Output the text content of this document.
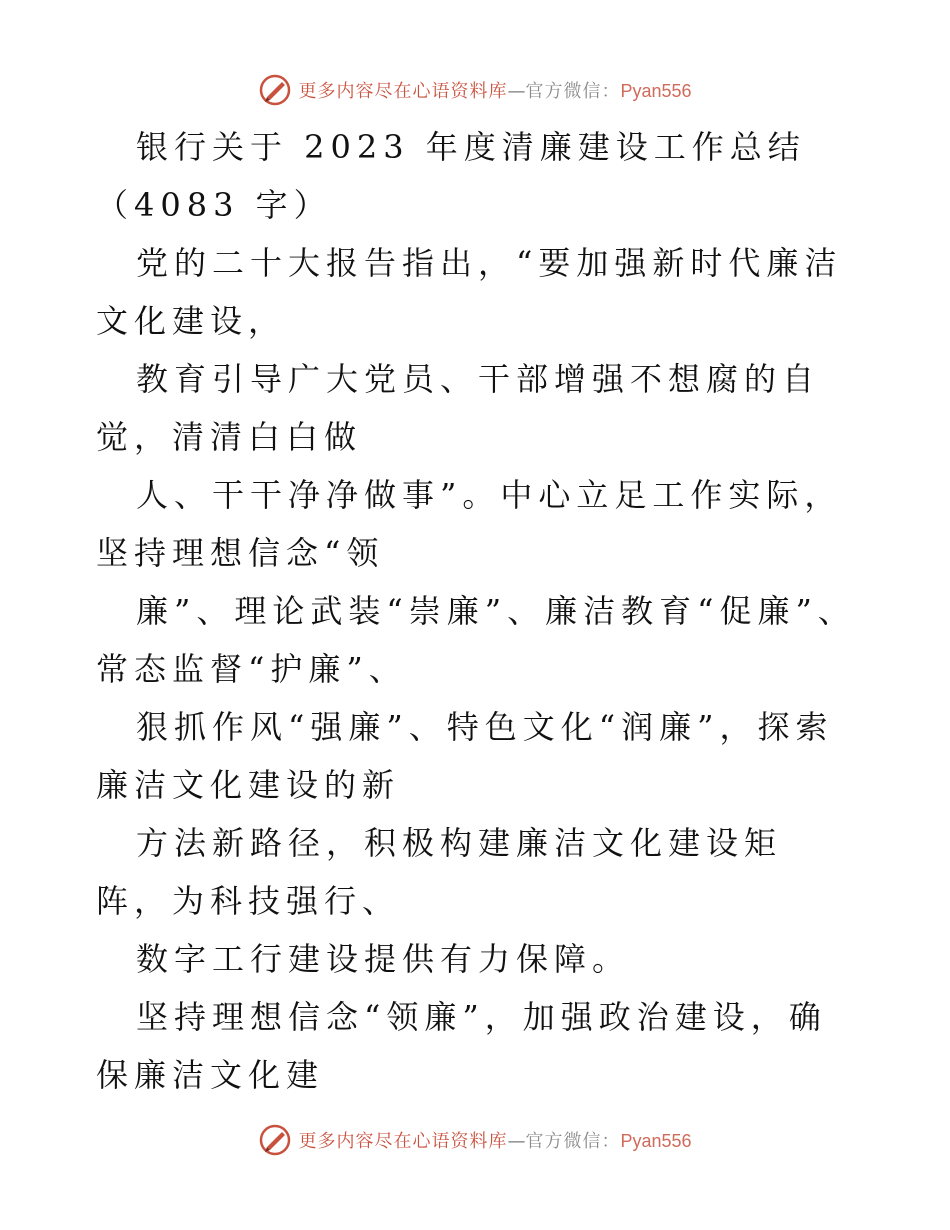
更多内容尽在心语资料库—官方微信：Pyan556

银行关于 2023 年度清廉建设工作总结（4083 字）

党的二十大报告指出，“要加强新时代廉洁文化建设，

教育引导广大党员、干部增强不想腐的自觉，清清白白做

人、干干净净做事”。中心立足工作实际，坚持理想信念“领

廉”、理论武装“崇廉”、廉洁教育“促廉”、常态监督“护廉”、

狠抓作风“强廉”、特色文化“润廉”，探索廉洁文化建设的新

方法新路径，积极构建廉洁文化建设矩阵，为科技强行、

数字工行建设提供有力保障。

坚持理想信念“领廉”，加强政治建设，确保廉洁文化建

更多内容尽在心语资料库—官方微信：Pyan556
